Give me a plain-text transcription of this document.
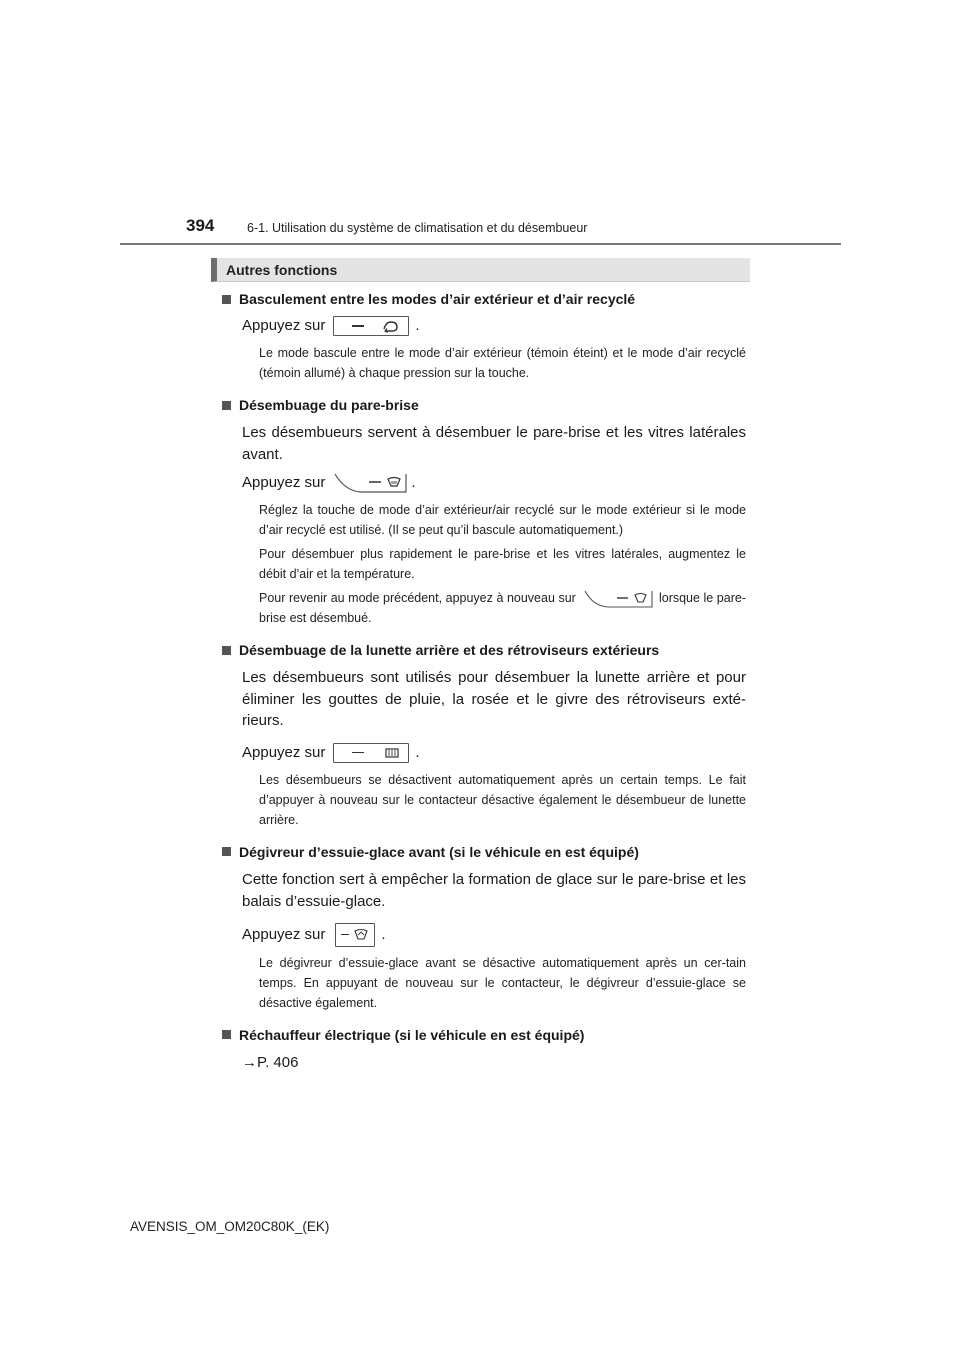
394	6-1. Utilisation du système de climatisation et du désembueur
Autres fonctions
Basculement entre les modes d’air extérieur et d’air recyclé
Appuyez sur	.
Le mode bascule entre le mode d’air extérieur (témoin éteint) et le mode d’air recyclé (témoin allumé) à chaque pression sur la touche.
Désembuage du pare-brise
Les désembueurs servent à désembuer le pare-brise et les vitres latérales avant.
Appuyez sur	.
Réglez la touche de mode d’air extérieur/air recyclé sur le mode extérieur si le mode d’air recyclé est utilisé. (Il se peut qu’il bascule automatiquement.)
Pour désembuer plus rapidement le pare-brise et les vitres latérales, augmentez le débit d’air et la température.
Pour revenir au mode précédent, appuyez à nouveau sur	lorsque le pare-brise est désembué.
Désembuage de la lunette arrière et des rétroviseurs extérieurs
Les désembueurs sont utilisés pour désembuer la lunette arrière et pour éliminer les gouttes de pluie, la rosée et le givre des rétroviseurs exté-rieurs.
Appuyez sur	.
Les désembueurs se désactivent automatiquement après un certain temps. Le fait d’appuyer à nouveau sur le contacteur désactive également le désembueur de lunette arrière.
Dégivreur d’essuie-glace avant (si le véhicule en est équipé)
Cette fonction sert à empêcher la formation de glace sur le pare-brise et les balais d’essuie-glace.
Appuyez sur	.
Le dégivreur d’essuie-glace avant se désactive automatiquement après un cer-tain temps. En appuyant de nouveau sur le contacteur, le dégivreur d’essuie-glace se désactive également.
Réchauffeur électrique (si le véhicule en est équipé)
→P. 406
AVENSIS_OM_OM20C80K_(EK)
